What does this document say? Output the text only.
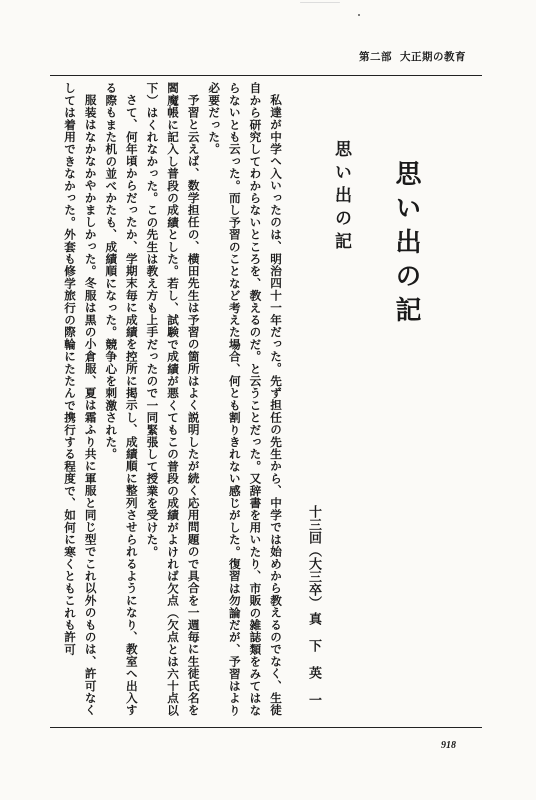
第二部 大正期の教育
思い出の記
思い出の記
十三回（大三卒）
真下英一

私達が中学へ入いったのは、明治四十一年だった。先ず担任の先生から、中学では始めから教えるのでなく、生徒自から研究してわからないところを、教えるのだ。と云うことだった。又辞書を用いたり、市販の雑誌類をみてはならないとも云った。而し予習のことなど考えた場合、何とも割りきれない感じがした。復習は勿論だが、予習はより必要だった。

予習と云えば、数学担任の、横田先生は予習の箇所はよく説明したが続く応用問題ので具合を一週毎に生徒氏名を閻魔帳に記入し普段の成績とした。若し、試験で成績が悪くてもこの普段の成績がよければ欠点（欠点とは六十点以下）はくれなかった。この先生は教え方も上手だったので一同緊張して授業を受けた。

さて、何年頃からだったか、学期末毎に成績を控所に掲示し、成績順に整列させられるようになり、教室へ出入する際もまた机の並べかたも、成績順になった。競争心を刺激された。

服装はなかなかやかましかった。冬服は黒の小倉服、夏は霜ふり共に軍服と同じ型でこれ以外のものは、許可なくしては着用できなかった。外套も修学旅行の際輪にたたんで携行する程度で、如何に寒くともこれも許可

918
